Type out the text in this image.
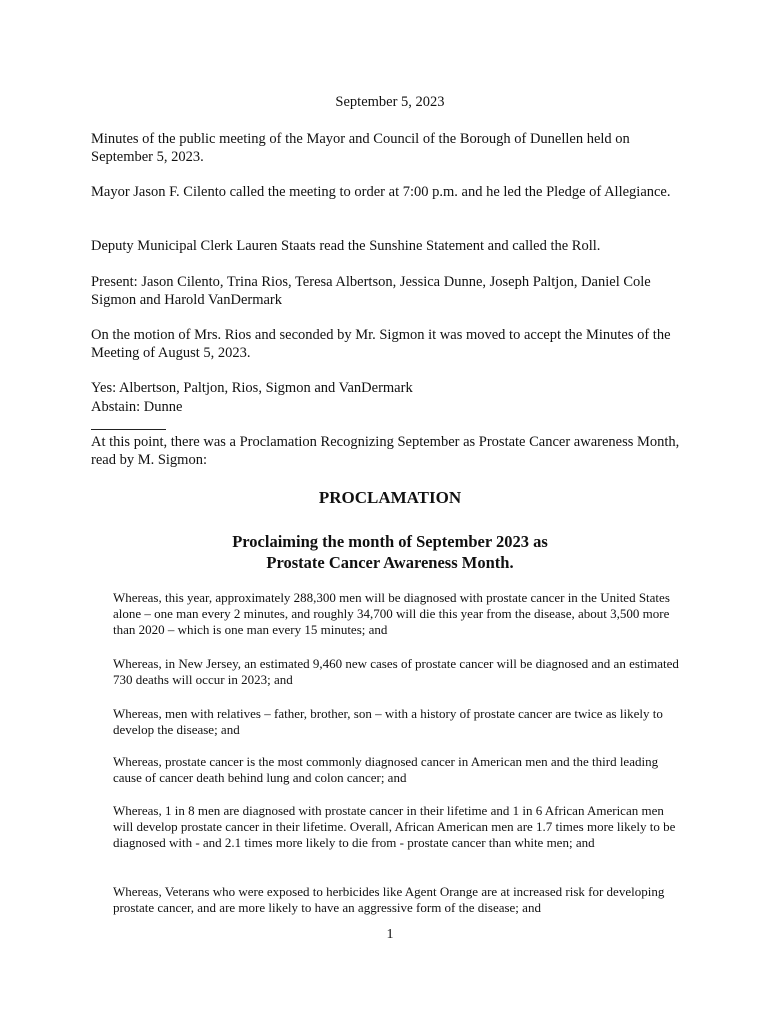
September 5, 2023

Minutes of the public meeting of the Mayor and Council of the Borough of Dunellen held on September 5, 2023.

Mayor Jason F. Cilento called the meeting to order at 7:00 p.m. and he led the Pledge of Allegiance.

Deputy Municipal Clerk Lauren Staats read the Sunshine Statement and called the Roll.

Present: Jason Cilento, Trina Rios, Teresa Albertson, Jessica Dunne, Joseph Paltjon, Daniel Cole Sigmon and Harold VanDermark

On the motion of Mrs. Rios and seconded by Mr. Sigmon it was moved to accept the Minutes of the Meeting of August 5, 2023.

Yes: Albertson, Paltjon, Rios, Sigmon and VanDermark

Abstain: Dunne

At this point, there was a Proclamation Recognizing September as Prostate Cancer awareness Month, read by M. Sigmon:

PROCLAMATION
Proclaiming the month of September 2023 as
Prostate Cancer Awareness Month.

Whereas, this year, approximately 288,300 men will be diagnosed with prostate cancer in the United States alone – one man every 2 minutes, and roughly 34,700 will die this year from the disease, about 3,500 more than 2020 – which is one man every 15 minutes; and

Whereas, in New Jersey, an estimated 9,460 new cases of prostate cancer will be diagnosed and an estimated 730 deaths will occur in 2023; and

Whereas, men with relatives – father, brother, son – with a history of prostate cancer are twice as likely to develop the disease; and

Whereas, prostate cancer is the most commonly diagnosed cancer in American men and the third leading cause of cancer death behind lung and colon cancer; and

Whereas, 1 in 8 men are diagnosed with prostate cancer in their lifetime and 1 in 6 African American men will develop prostate cancer in their lifetime. Overall, African American men are 1.7 times more likely to be diagnosed with - and 2.1 times more likely to die from - prostate cancer than white men; and

Whereas, Veterans who were exposed to herbicides like Agent Orange are at increased risk for developing prostate cancer, and are more likely to have an aggressive form of the disease; and

1
